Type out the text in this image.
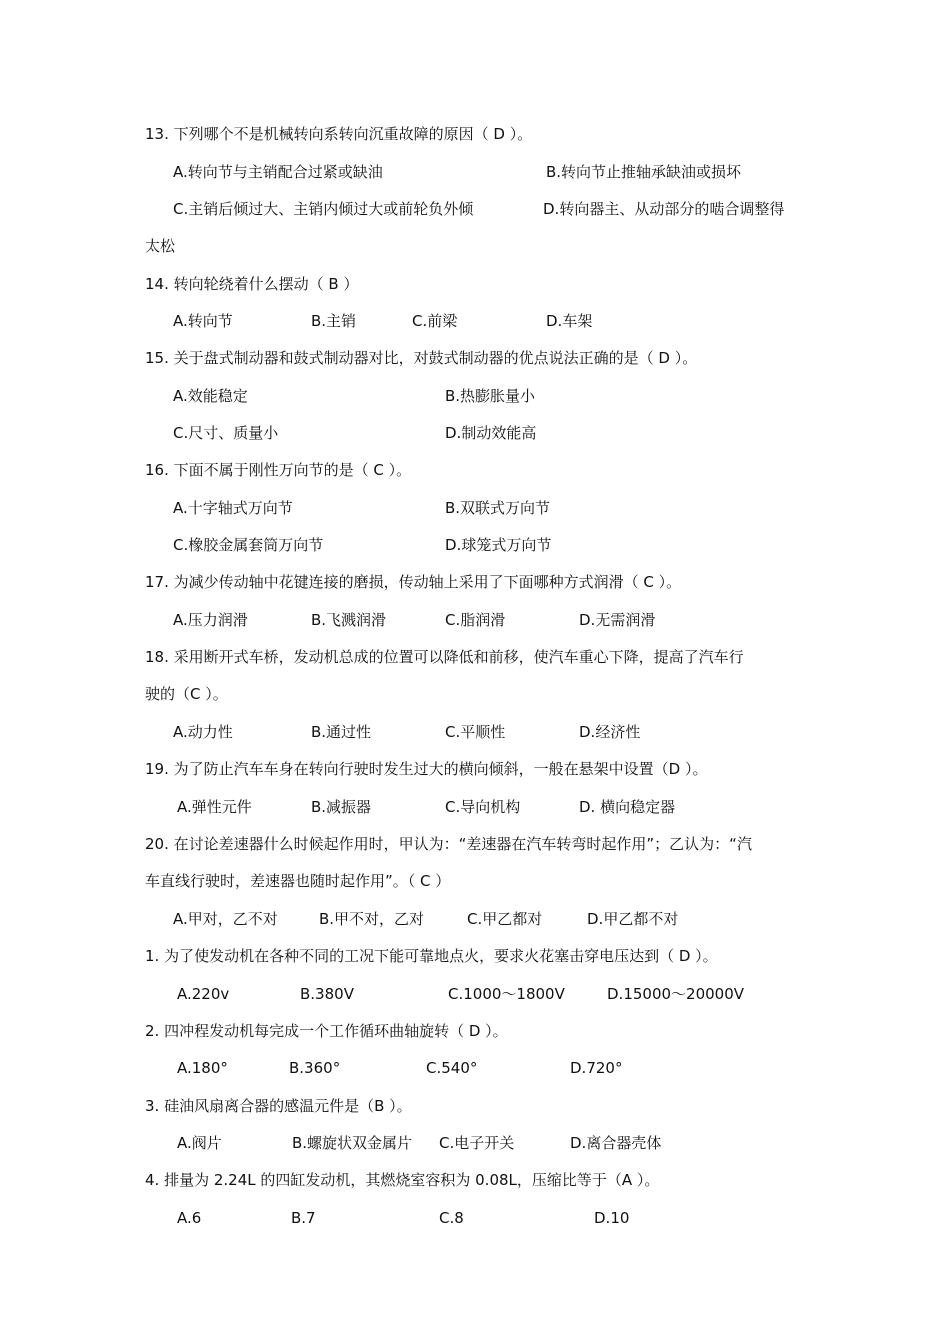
13. 下列哪个不是机械转向系转向沉重故障的原因（ D ）。
A.转向节与主销配合过紧或缺油	B.转向节止推轴承缺油或损坏
C.主销后倾过大、主销内倾过大或前轮负外倾	D.转向器主、从动部分的啮合调整得
太松
14. 转向轮绕着什么摆动（ B ）
A.转向节	B.主销	C.前梁	D.车架
15. 关于盘式制动器和鼓式制动器对比，对鼓式制动器的优点说法正确的是（ D ）。
A.效能稳定	B.热膨胀量小
C.尺寸、质量小	D.制动效能高
16. 下面不属于刚性万向节的是（ C ）。
A.十字轴式万向节	B.双联式万向节
C.橡胶金属套筒万向节	D.球笼式万向节
17. 为减少传动轴中花键连接的磨损，传动轴上采用了下面哪种方式润滑（ C ）。
A.压力润滑	B.飞溅润滑	C.脂润滑	D.无需润滑
18. 采用断开式车桥，发动机总成的位置可以降低和前移，使汽车重心下降，提高了汽车行
驶的（C ）。
A.动力性	B.通过性	C.平顺性	D.经济性
19. 为了防止汽车车身在转向行驶时发生过大的横向倾斜，一般在悬架中设置（D ）。
A.弹性元件	B.减振器	C.导向机构	D. 横向稳定器
20. 在讨论差速器什么时候起作用时，甲认为：“差速器在汽车转弯时起作用”；乙认为：“汽
车直线行驶时，差速器也随时起作用”。（ C ）
A.甲对，乙不对	B.甲不对，乙对	C.甲乙都对	D.甲乙都不对
1. 为了使发动机在各种不同的工况下能可靠地点火，要求火花塞击穿电压达到（ D ）。
A.220v	B.380V	C.1000～1800V	D.15000～20000V
2. 四冲程发动机每完成一个工作循环曲轴旋转（ D ）。
A.180°	B.360°	C.540°	D.720°
3. 硅油风扇离合器的感温元件是（B ）。
A.阀片	B.螺旋状双金属片 C.电子开关	D.离合器壳体
4. 排量为 2.24L 的四缸发动机，其燃烧室容积为 0.08L，压缩比等于（A ）。
A.6	B.7	C.8	D.10
